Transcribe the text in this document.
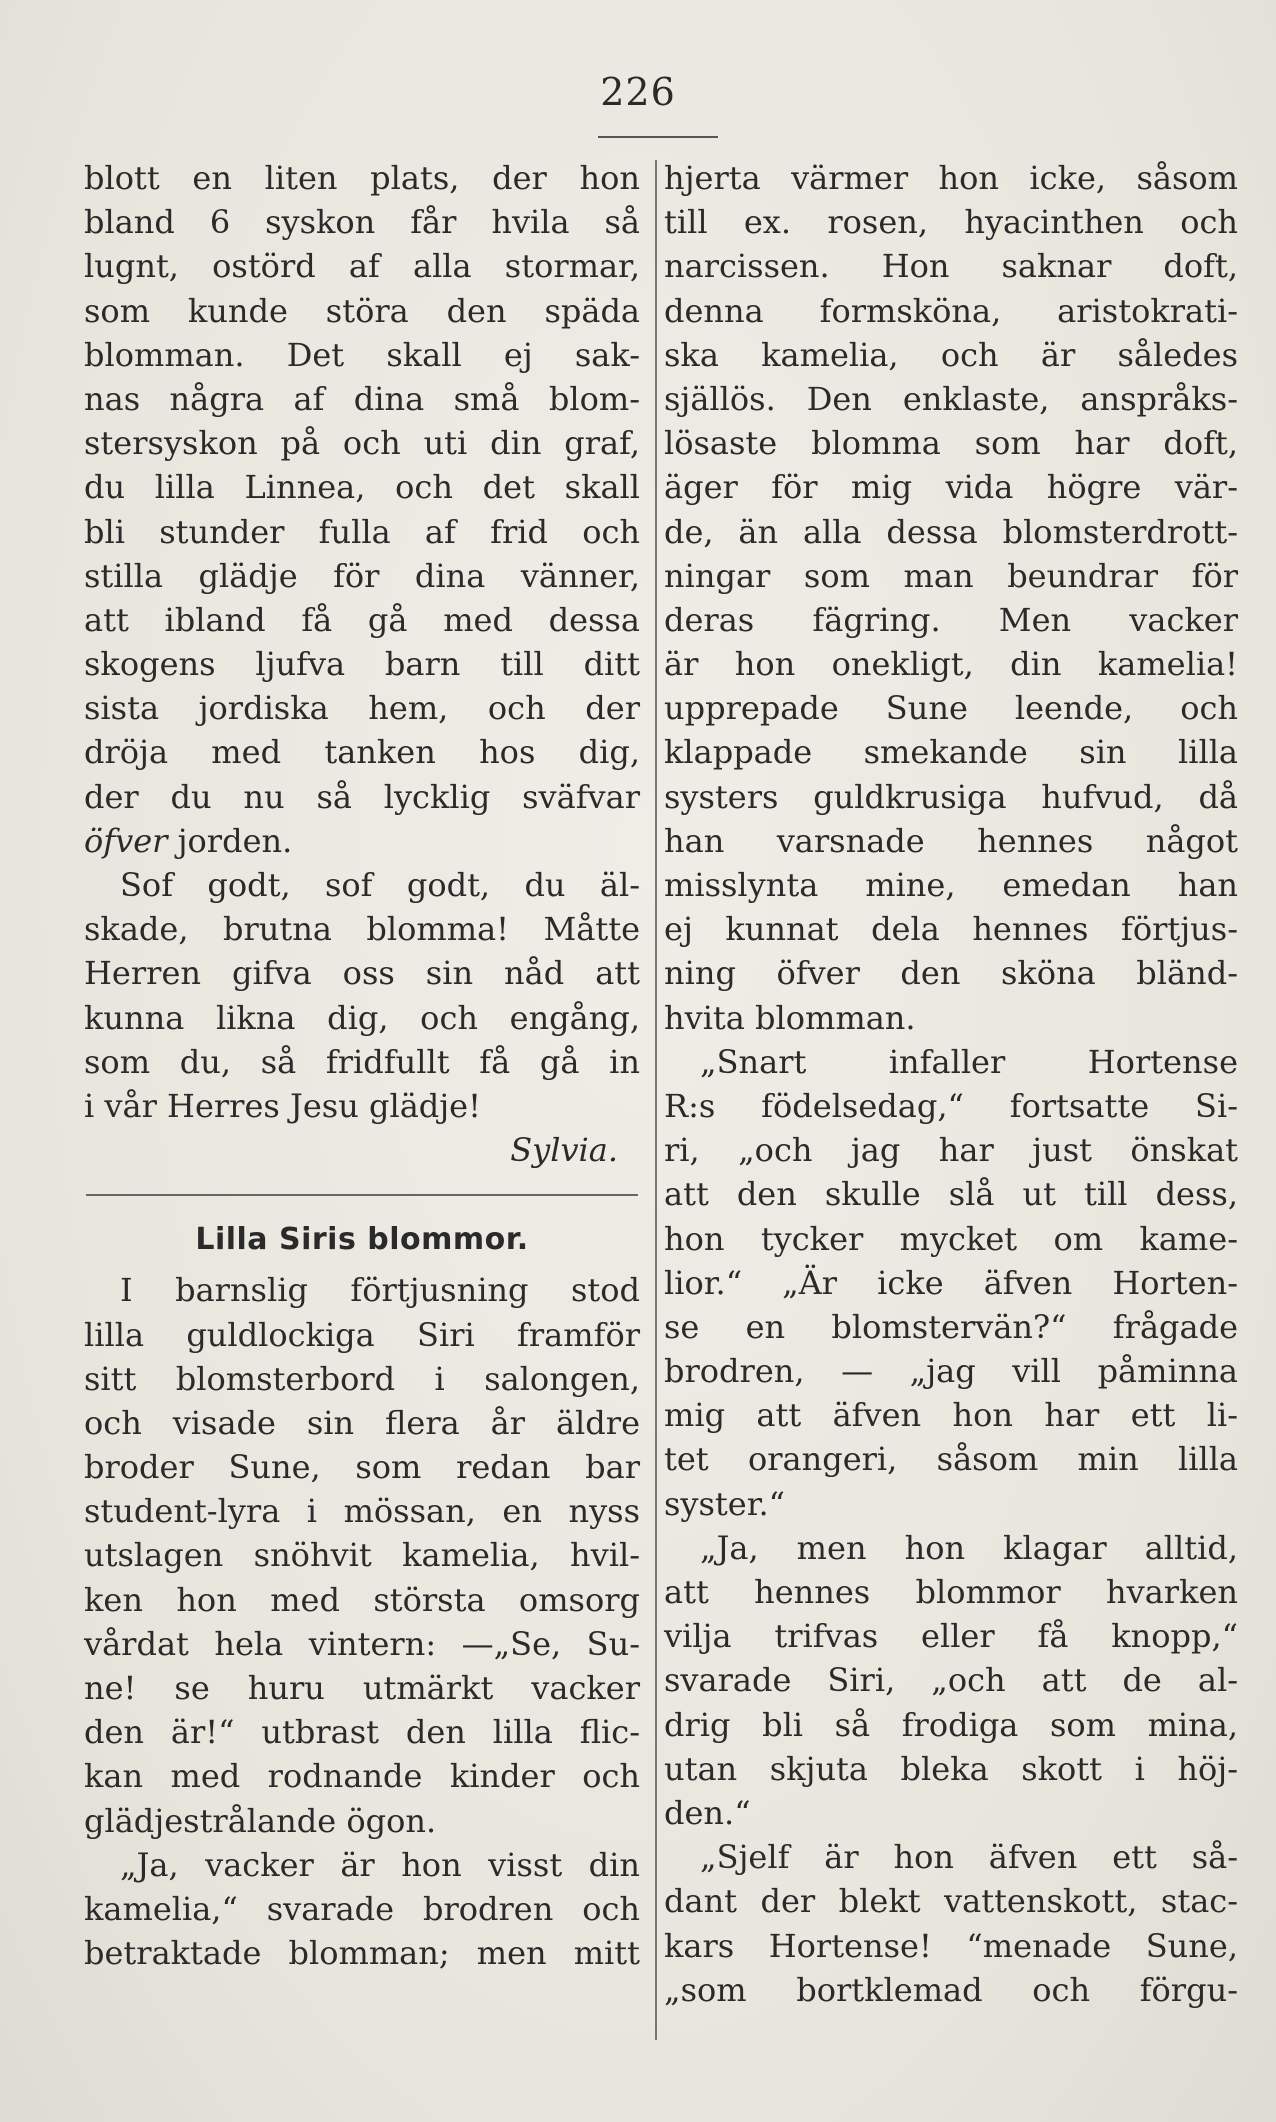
226
blott en liten plats, der hon
bland 6 syskon får hvila så
lugnt, ostörd af alla stormar,
som kunde störa den späda
blomman. Det skall ej sak-
nas några af dina små blom-
stersyskon på och uti din graf,
du lilla Linnea, och det skall
bli stunder fulla af frid och
stilla glädje för dina vänner,
att ibland få gå med dessa
skogens ljufva barn till ditt
sista jordiska hem, och der
dröja med tanken hos dig,
der du nu så lycklig sväfvar
öfver jorden.
Sof godt, sof godt, du äl-
skade, brutna blomma! Måtte
Herren gifva oss sin nåd att
kunna likna dig, och engång,
som du, så fridfullt få gå in
i vår Herres Jesu glädje!
Sylvia.
Lilla Siris blommor.
I barnslig förtjusning stod
lilla guldlockiga Siri framför
sitt blomsterbord i salongen,
och visade sin flera år äldre
broder Sune, som redan bar
student-lyra i mössan, en nyss
utslagen snöhvit kamelia, hvil-
ken hon med största omsorg
vårdat hela vintern: —„Se, Su-
ne! se huru utmärkt vacker
den är!“ utbrast den lilla flic-
kan med rodnande kinder och
glädjestrålande ögon.
„Ja, vacker är hon visst din
kamelia,“ svarade brodren och
betraktade blomman; men mitt
hjerta värmer hon icke, såsom
till ex. rosen, hyacinthen och
narcissen. Hon saknar doft,
denna formsköna, aristokrati-
ska kamelia, och är således
själlös. Den enklaste, anspråks-
lösaste blomma som har doft,
äger för mig vida högre vär-
de, än alla dessa blomsterdrott-
ningar som man beundrar för
deras fägring. Men vacker
är hon onekligt, din kamelia!
upprepade Sune leende, och
klappade smekande sin lilla
systers guldkrusiga hufvud, då
han varsnade hennes något
misslynta mine, emedan han
ej kunnat dela hennes förtjus-
ning öfver den sköna bländ-
hvita blomman.
„Snart infaller Hortense
R:s födelsedag,“ fortsatte Si-
ri, „och jag har just önskat
att den skulle slå ut till dess,
hon tycker mycket om kame-
lior.“ „Är icke äfven Horten-
se en blomstervän?“ frågade
brodren, — „jag vill påminna
mig att äfven hon har ett li-
tet orangeri, såsom min lilla
syster.“
„Ja, men hon klagar alltid,
att hennes blommor hvarken
vilja trifvas eller få knopp,“
svarade Siri, „och att de al-
drig bli så frodiga som mina,
utan skjuta bleka skott i höj-
den.“
„Sjelf är hon äfven ett så-
dant der blekt vattenskott, stac-
kars Hortense! “menade Sune,
„som bortklemad och förgu-
